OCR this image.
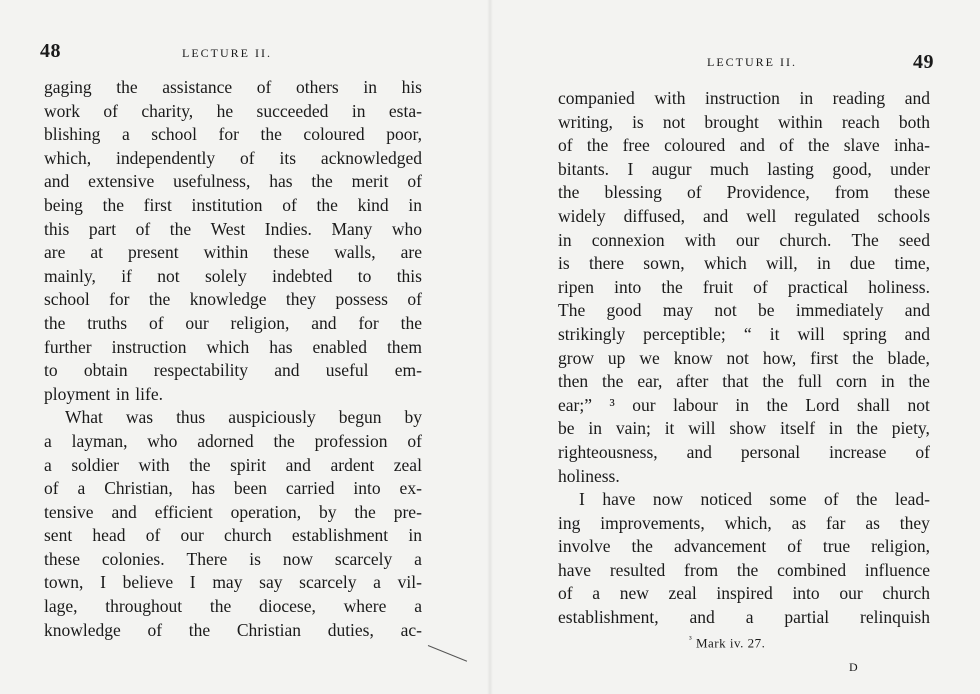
48	LECTURE II.
gaging the assistance of others in his
work of charity, he succeeded in esta-
blishing a school for the coloured poor,
which, independently of its acknowledged
and extensive usefulness, has the merit of
being the first institution of the kind in
this part of the West Indies. Many who
are at present within these walls, are
mainly, if not solely indebted to this
school for the knowledge they possess of
the truths of our religion, and for the
further instruction which has enabled them
to obtain respectability and useful em-
ployment in life.
What was thus auspiciously begun by
a layman, who adorned the profession of
a soldier with the spirit and ardent zeal
of a Christian, has been carried into ex-
tensive and efficient operation, by the pre-
sent head of our church establishment in
these colonies. There is now scarcely a
town, I believe I may say scarcely a vil-
lage, throughout the diocese, where a
knowledge of the Christian duties, ac-
LECTURE II.	49
companied with instruction in reading and
writing, is not brought within reach both
of the free coloured and of the slave inha-
bitants. I augur much lasting good, under
the blessing of Providence, from these
widely diffused, and well regulated schools
in connexion with our church. The seed
is there sown, which will, in due time,
ripen into the fruit of practical holiness.
The good may not be immediately and
strikingly perceptible; “ it will spring and
grow up we know not how, first the blade,
then the ear, after that the full corn in the
ear;” ³ our labour in the Lord shall not
be in vain; it will show itself in the piety,
righteousness, and personal increase of
holiness.
I have now noticed some of the lead-
ing improvements, which, as far as they
involve the advancement of true religion,
have resulted from the combined influence
of a new zeal inspired into our church
establishment, and a partial relinquish
$^{^3}$ Mark iv. 27.
D
